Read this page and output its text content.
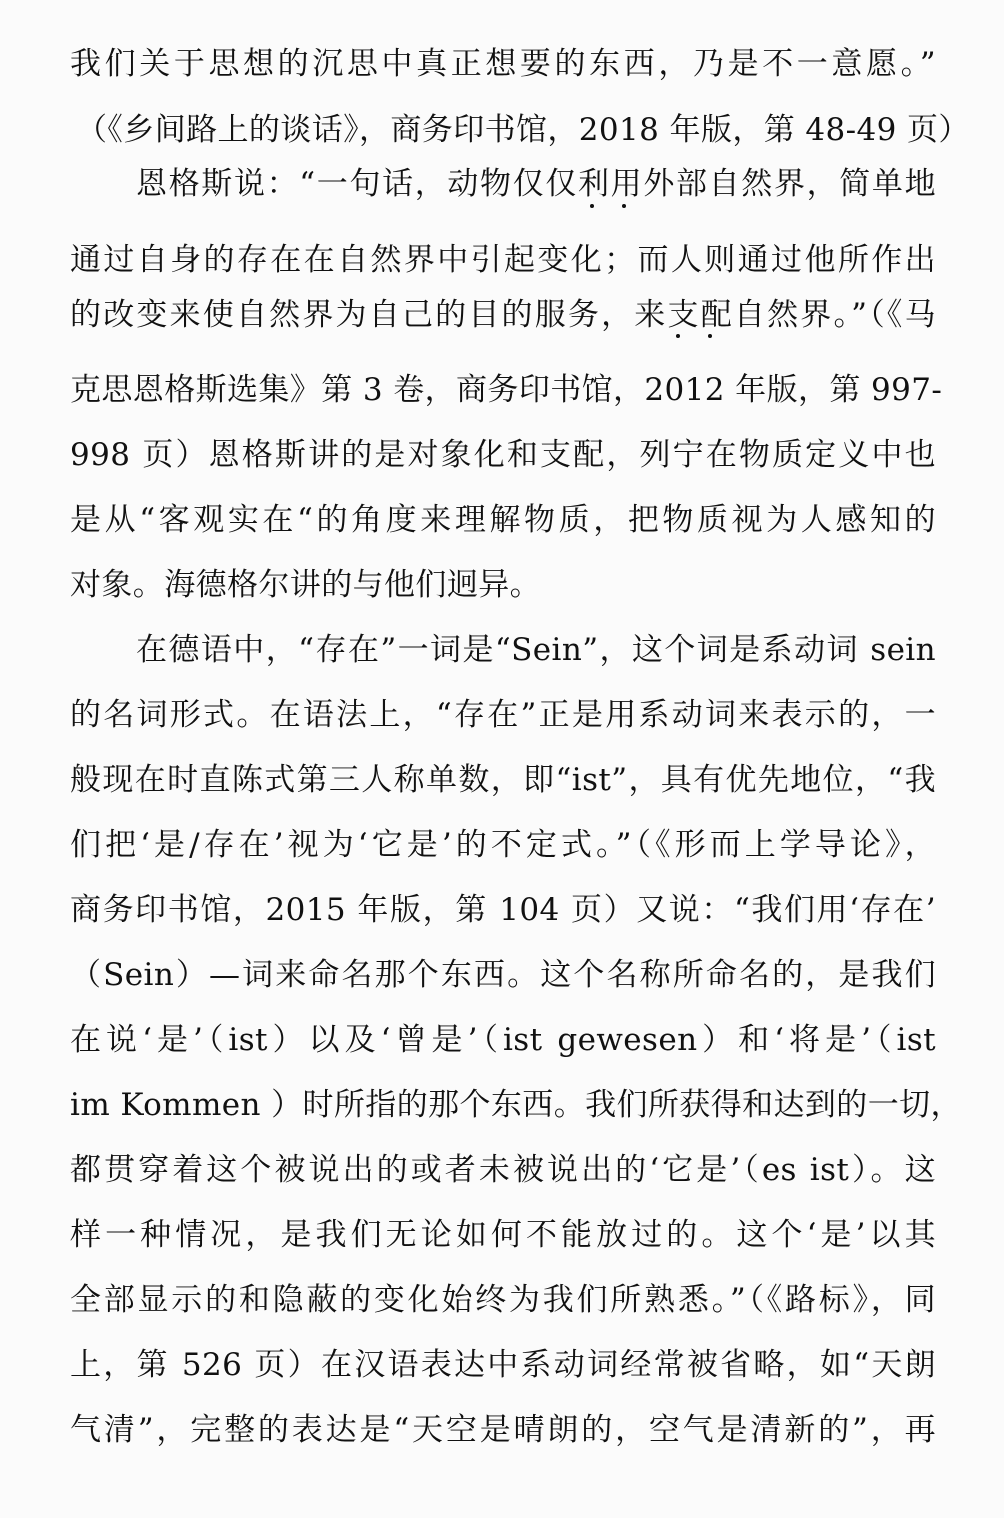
我们关于思想的沉思中真正想要的东西，乃是不一意愿。”
（《乡间路上的谈话》，商务印书馆，2018 年版，第 48-49 页）
恩格斯说：“一句话，动物仅仅利用外部自然界，简单地
通过自身的存在在自然界中引起变化；而人则通过他所作出
的改变来使自然界为自己的目的服务，来支配自然界。”（《马
克思恩格斯选集》第 3 卷，商务印书馆，2012 年版，第 997-
998 页）恩格斯讲的是对象化和支配，列宁在物质定义中也
是从“客观实在“的角度来理解物质，把物质视为人感知的
对象。海德格尔讲的与他们迥异。
在德语中，“存在”一词是“Sein”，这个词是系动词 sein
的名词形式。在语法上，“存在”正是用系动词来表示的，一
般现在时直陈式第三人称单数，即“ist”，具有优先地位，“我
们把‘是/存在’视为‘它是’的不定式。”（《形而上学导论》，
商务印书馆，2015 年版，第 104 页）又说：“我们用‘存在’
（Sein）—词来命名那个东西。这个名称所命名的，是我们
在说‘是’（ist）以及‘曾是’（ist gewesen）和‘将是’（ist
im Kommen ）时所指的那个东西。我们所获得和达到的一切，
都贯穿着这个被说出的或者未被说出的‘它是’（es ist）。这
样一种情况，是我们无论如何不能放过的。这个‘是’以其
全部显示的和隐蔽的变化始终为我们所熟悉。”（《路标》，同
上，第 526 页）在汉语表达中系动词经常被省略，如“天朗
气清”，完整的表达是“天空是晴朗的，空气是清新的”，再
